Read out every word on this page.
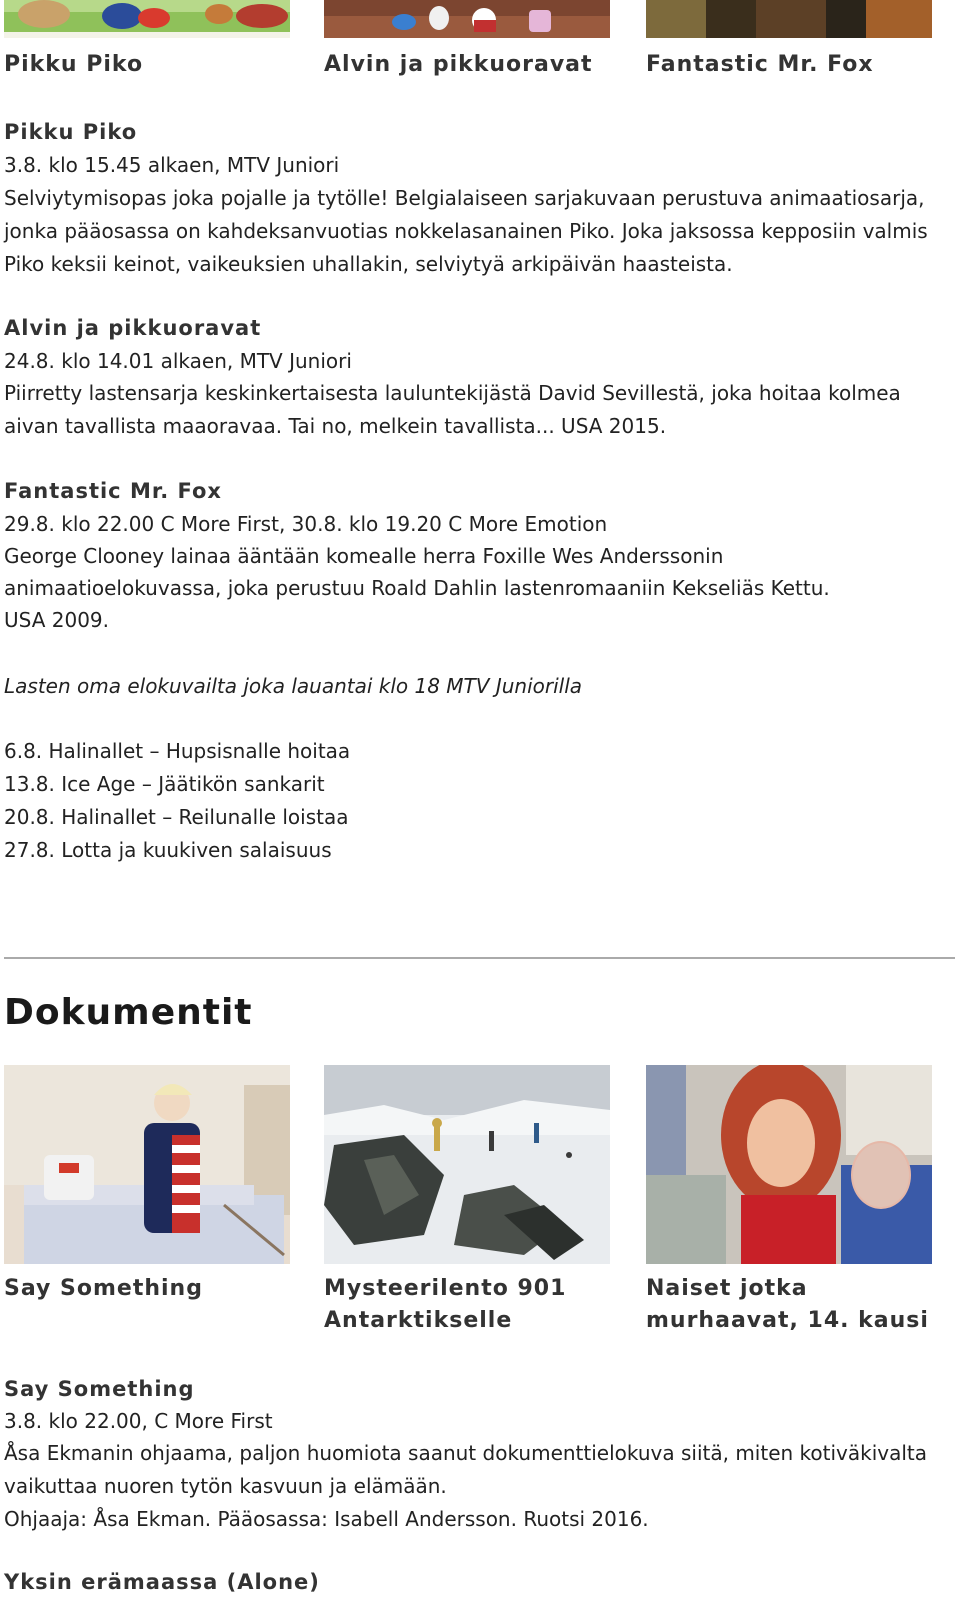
Pikku Piko	Alvin ja pikkuoravat Fantastic Mr. Fox
Pikku Piko
3.8. klo 15.45 alkaen, MTV Juniori
Selviytymisopas joka pojalle ja tytölle! Belgialaiseen sarjakuvaan perustuva animaatiosarja, jonka pääosassa on kahdeksanvuotias nokkelasanainen Piko. Joka jaksossa kepposiin valmis Piko keksii keinot, vaikeuksien uhallakin, selviytyä arkipäivän haasteista.
Alvin ja pikkuoravat
24.8. klo 14.01 alkaen, MTV Juniori
Piirretty lastensarja keskinkertaisesta lauluntekijästä David Sevillestä, joka hoitaa kolmea aivan tavallista maaoravaa. Tai no, melkein tavallista... USA 2015.
Fantastic Mr. Fox
29.8. klo 22.00 C More First, 30.8. klo 19.20 C More Emotion
George Clooney lainaa ääntään komealle herra Foxille Wes Anderssonin
animaatioelokuvassa, joka perustuu Roald Dahlin lastenromaaniin Kekseliäs Kettu.
USA 2009.
Lasten oma elokuvailta joka lauantai klo 18 MTV Juniorilla
6.8. Halinallet – Hupsisnalle hoitaa
13.8. Ice Age – Jäätikön sankarit
20.8. Halinallet – Reilunalle loistaa
27.8. Lotta ja kuukiven salaisuus
Dokumentit
Say Something	Mysteerilento 901 Antarktikselle
Naiset jotka murhaavat, 14. kausi
Say Something
3.8. klo 22.00, C More First
Åsa Ekmanin ohjaama, paljon huomiota saanut dokumenttielokuva siitä, miten kotiväkivalta vaikuttaa nuoren tytön kasvuun ja elämään.
Ohjaaja: Åsa Ekman. Pääosassa: Isabell Andersson. Ruotsi 2016.
Yksin erämaassa (Alone)
